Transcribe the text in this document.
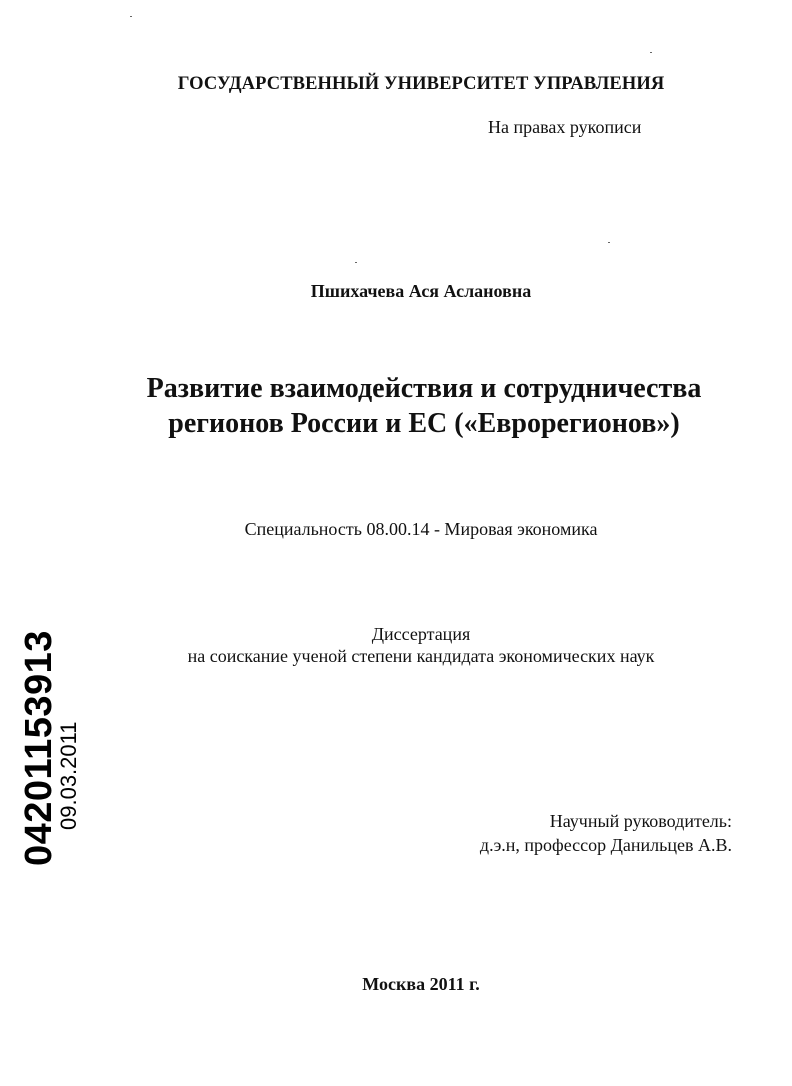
ГОСУДАРСТВЕННЫЙ УНИВЕРСИТЕТ УПРАВЛЕНИЯ
На правах рукописи
Пшихачева Ася Аслановна
Развитие взаимодействия и сотрудничества
регионов России и ЕС («Еврорегионов»)
Специальность 08.00.14 - Мировая экономика
Диссертация
на соискание ученой степени кандидата экономических наук
Научный руководитель:
д.э.н, профессор Данильцев А.В.
Москва 2011 г.
04201153913
09.03.2011
